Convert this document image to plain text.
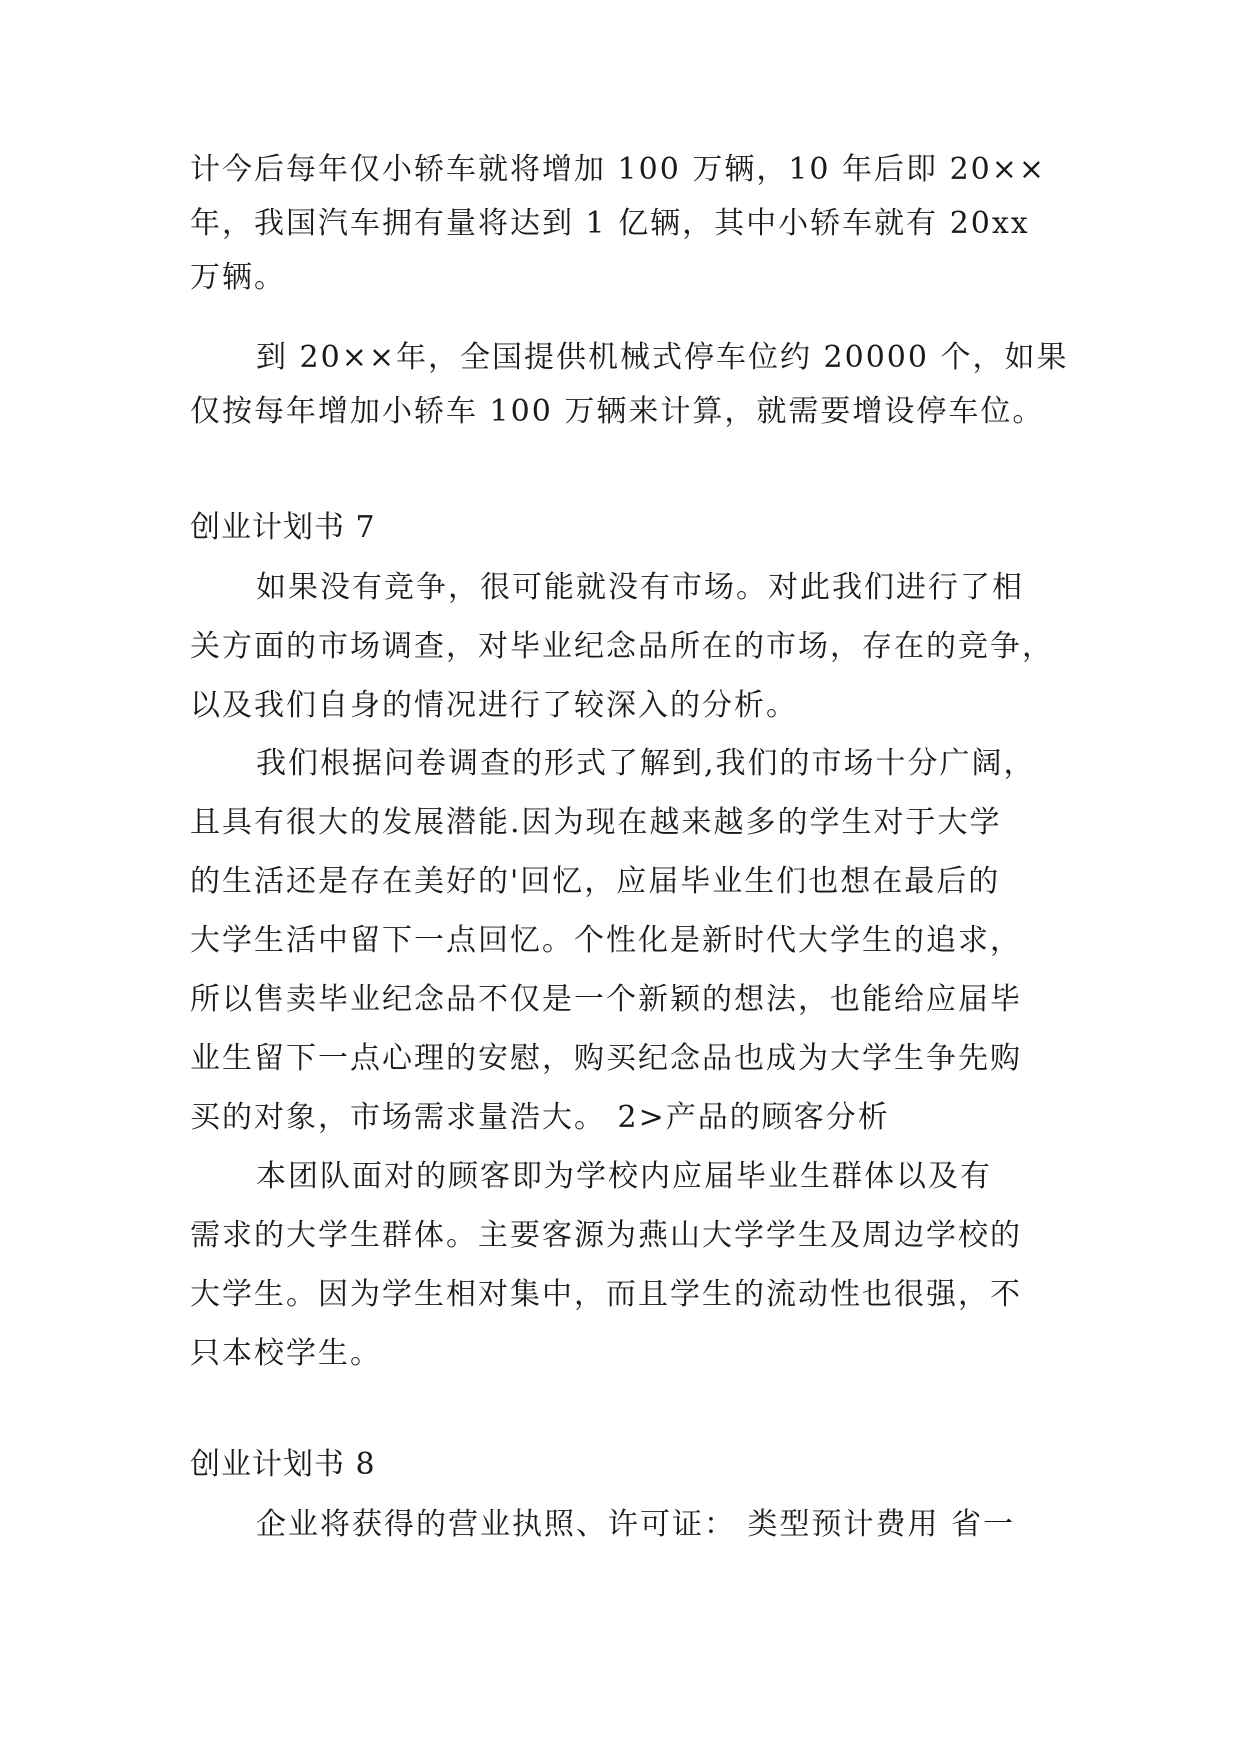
计今后每年仅小轿车就将增加 100 万辆，10 年后即 20××
年，我国汽车拥有量将达到 1 亿辆，其中小轿车就有 20xx
万辆。
到 20××年，全国提供机械式停车位约 20000 个，如果
仅按每年增加小轿车 100 万辆来计算，就需要增设停车位。
创业计划书 7
如果没有竞争，很可能就没有市场。对此我们进行了相
关方面的市场调查，对毕业纪念品所在的市场，存在的竞争，
以及我们自身的情况进行了较深入的分析。
我们根据问卷调查的形式了解到,我们的市场十分广阔，
且具有很大的发展潜能.因为现在越来越多的学生对于大学
的生活还是存在美好的'回忆，应届毕业生们也想在最后的
大学生活中留下一点回忆。个性化是新时代大学生的追求，
所以售卖毕业纪念品不仅是一个新颖的想法，也能给应届毕
业生留下一点心理的安慰，购买纪念品也成为大学生争先购
买的对象，市场需求量浩大。 2>产品的顾客分析
本团队面对的顾客即为学校内应届毕业生群体以及有
需求的大学生群体。主要客源为燕山大学学生及周边学校的
大学生。因为学生相对集中，而且学生的流动性也很强，不
只本校学生。
创业计划书 8
企业将获得的营业执照、许可证： 类型预计费用 省一
